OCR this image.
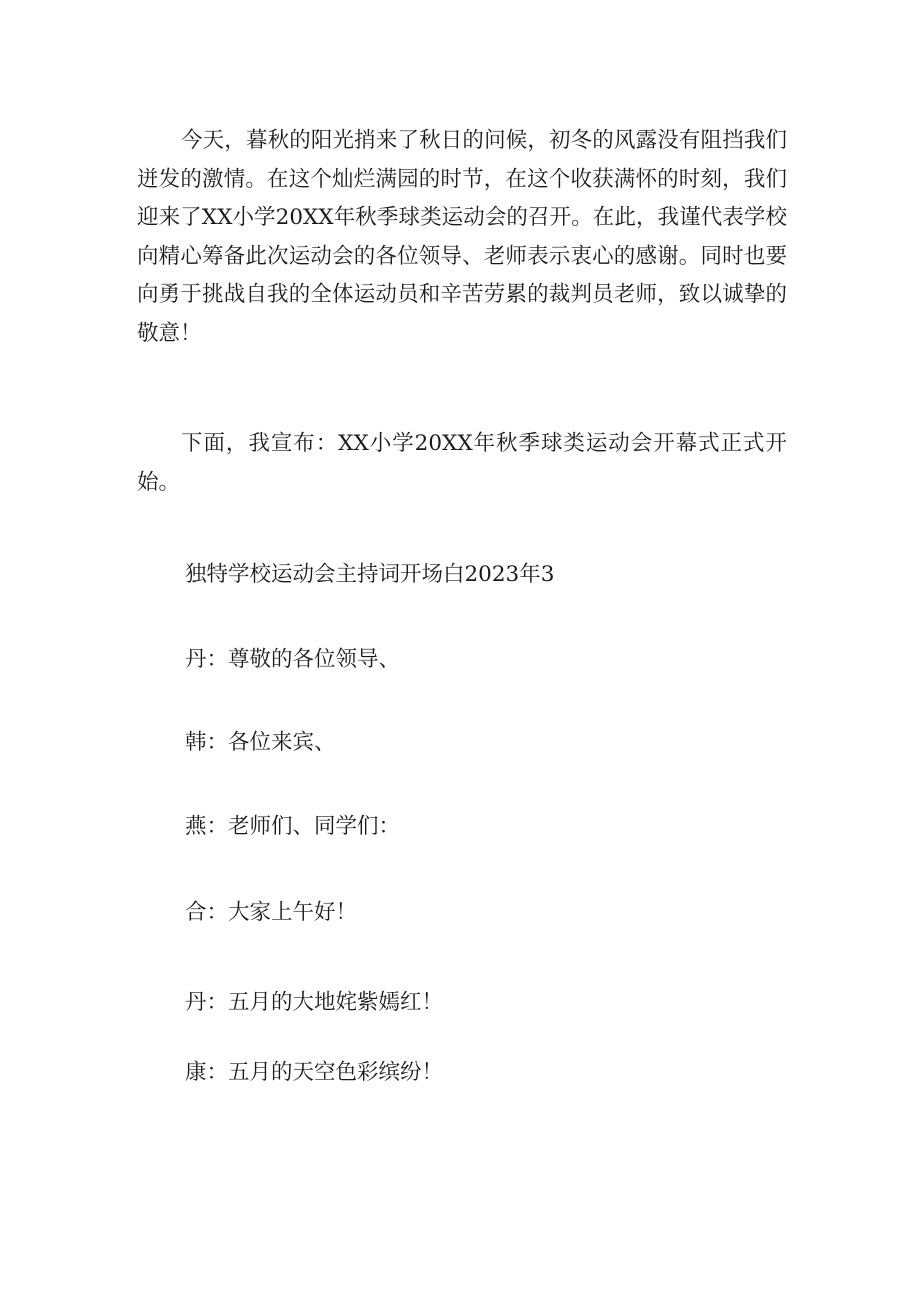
今天，暮秋的阳光捎来了秋日的问候，初冬的风露没有阻挡我们迸发的激情。在这个灿烂满园的时节，在这个收获满怀的时刻，我们迎来了XX小学20XX年秋季球类运动会的召开。在此，我谨代表学校向精心筹备此次运动会的各位领导、老师表示衷心的感谢。同时也要向勇于挑战自我的全体运动员和辛苦劳累的裁判员老师，致以诚挚的敬意！

下面，我宣布：XX小学20XX年秋季球类运动会开幕式正式开始。

独特学校运动会主持词开场白2023年3

丹：尊敬的各位领导、

韩：各位来宾、

燕：老师们、同学们：

合：大家上午好！

丹：五月的大地姹紫嫣红！

康：五月的天空色彩缤纷！
